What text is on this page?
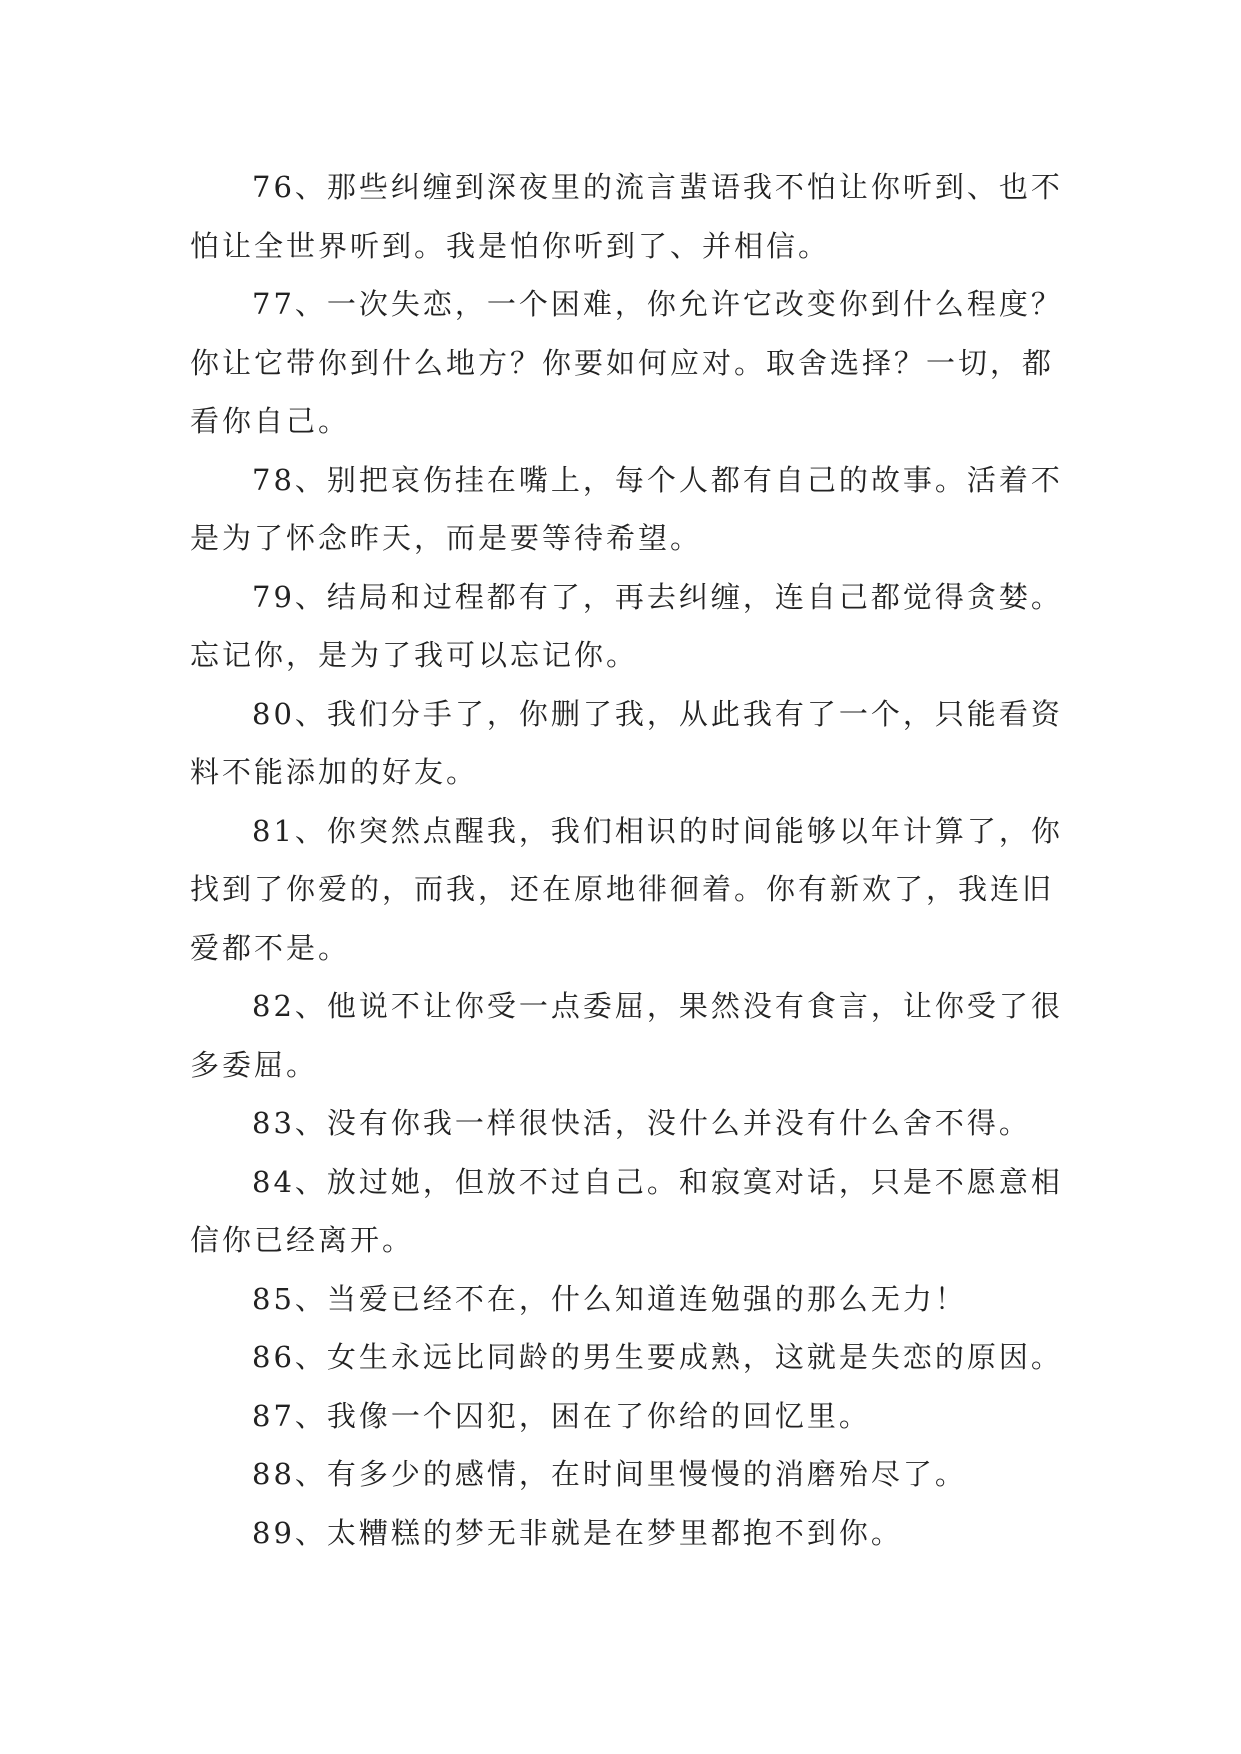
76、那些纠缠到深夜里的流言蜚语我不怕让你听到、也不怕让全世界听到。我是怕你听到了、并相信。

77、一次失恋，一个困难，你允许它改变你到什么程度？你让它带你到什么地方？你要如何应对。取舍选择？一切，都看你自己。

78、别把哀伤挂在嘴上，每个人都有自己的故事。活着不是为了怀念昨天，而是要等待希望。

79、结局和过程都有了，再去纠缠，连自己都觉得贪婪。忘记你，是为了我可以忘记你。

80、我们分手了，你删了我，从此我有了一个，只能看资料不能添加的好友。

81、你突然点醒我，我们相识的时间能够以年计算了，你找到了你爱的，而我，还在原地徘徊着。你有新欢了，我连旧爱都不是。

82、他说不让你受一点委屈，果然没有食言，让你受了很多委屈。

83、没有你我一样很快活，没什么并没有什么舍不得。

84、放过她，但放不过自己。和寂寞对话，只是不愿意相信你已经离开。

85、当爱已经不在，什么知道连勉强的那么无力！

86、女生永远比同龄的男生要成熟，这就是失恋的原因。

87、我像一个囚犯，困在了你给的回忆里。

88、有多少的感情，在时间里慢慢的消磨殆尽了。

89、太糟糕的梦无非就是在梦里都抱不到你。
